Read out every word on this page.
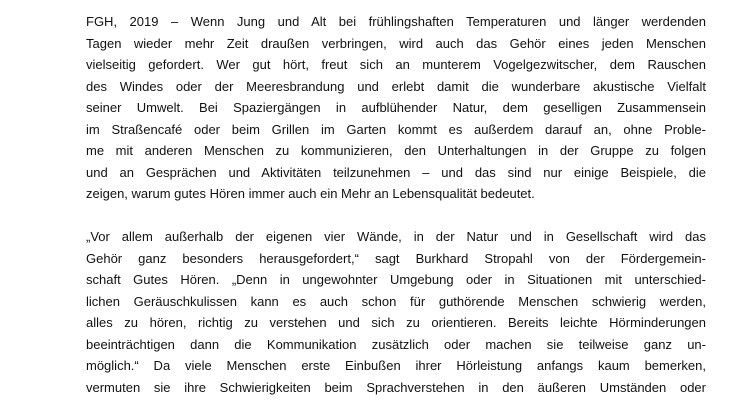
FGH, 2019 – Wenn Jung und Alt bei frühlingshaften Temperaturen und länger werdenden
Tagen wieder mehr Zeit draußen verbringen, wird auch das Gehör eines jeden Menschen
vielseitig gefordert. Wer gut hört, freut sich an munterem Vogelgezwitscher, dem Rauschen
des Windes oder der Meeresbrandung und erlebt damit die wunderbare akustische Vielfalt
seiner Umwelt. Bei Spaziergängen in aufblühender Natur, dem geselligen Zusammensein
im Straßencafé oder beim Grillen im Garten kommt es außerdem darauf an, ohne Proble-
me mit anderen Menschen zu kommunizieren, den Unterhaltungen in der Gruppe zu folgen
und an Gesprächen und Aktivitäten teilzunehmen – und das sind nur einige Beispiele, die
zeigen, warum gutes Hören immer auch ein Mehr an Lebensqualität bedeutet.
„Vor allem außerhalb der eigenen vier Wände, in der Natur und in Gesellschaft wird das
Gehör ganz besonders herausgefordert,“ sagt Burkhard Stropahl von der Fördergemein-
schaft Gutes Hören. „Denn in ungewohnter Umgebung oder in Situationen mit unterschied-
lichen Geräuschkulissen kann es auch schon für guthörende Menschen schwierig werden,
alles zu hören, richtig zu verstehen und sich zu orientieren. Bereits leichte Hörminderungen
beeinträchtigen dann die Kommunikation zusätzlich oder machen sie teilweise ganz un-
möglich.“ Da viele Menschen erste Einbußen ihrer Hörleistung anfangs kaum bemerken,
vermuten sie ihre Schwierigkeiten beim Sprachverstehen in den äußeren Umständen oder
